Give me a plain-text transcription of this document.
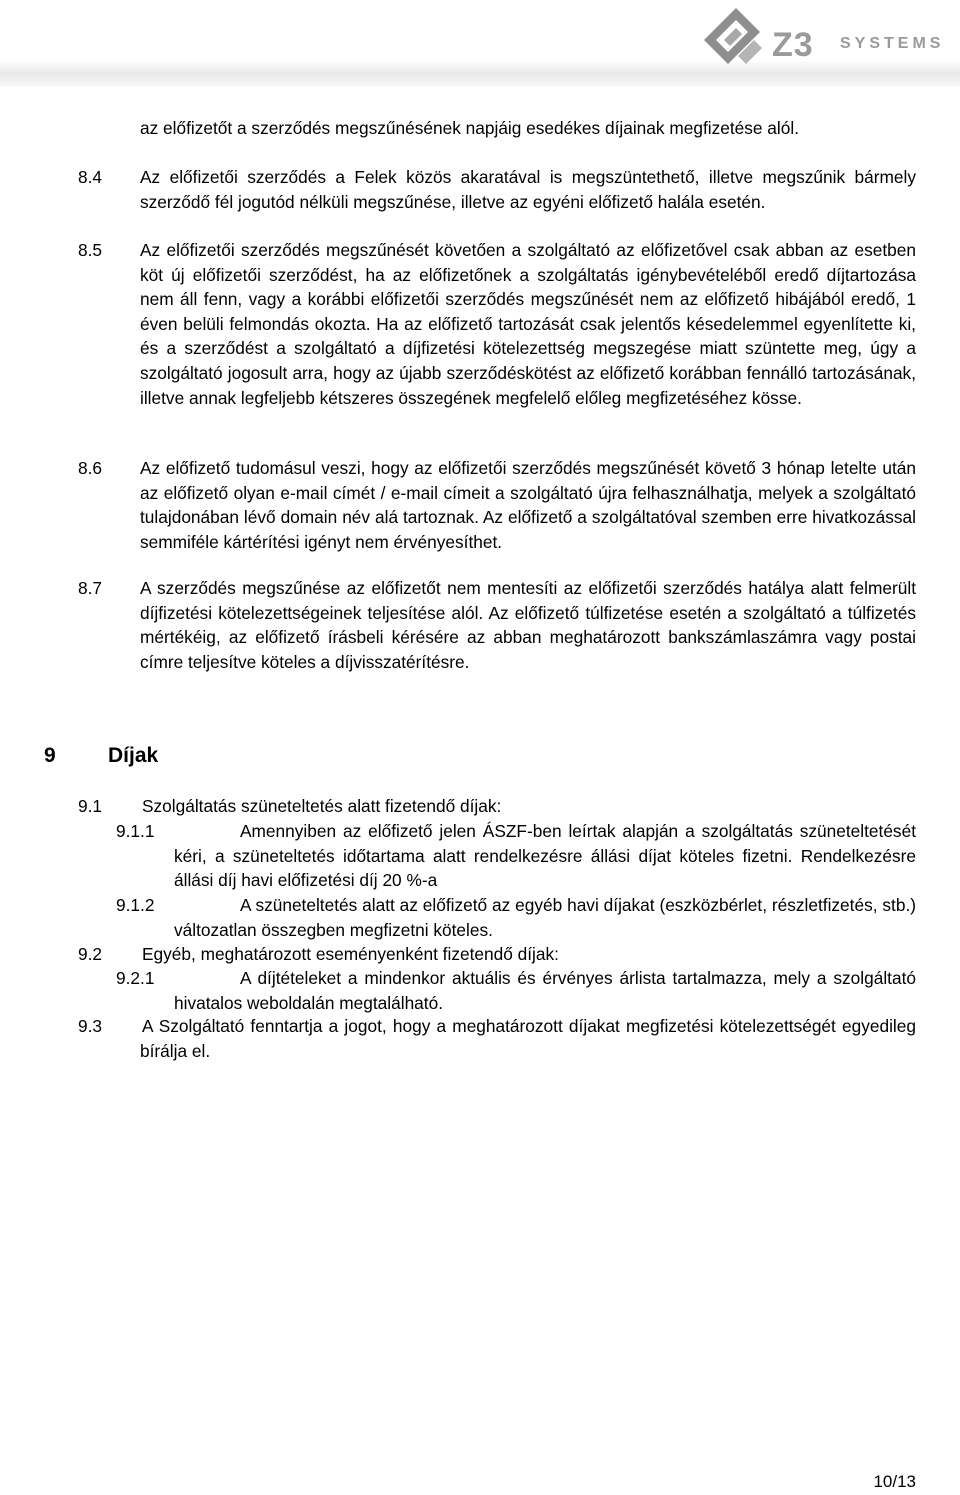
Z3 SYSTEMS

az előfizetőt a szerződés megszűnésének napjáig esedékes díjainak megfizetése alól.

8.4 Az előfizetői szerződés a Felek közös akaratával is megszüntethető, illetve megszűnik bármely szerződő fél jogutód nélküli megszűnése, illetve az egyéni előfizető halála esetén.

8.5 Az előfizetői szerződés megszűnését követően a szolgáltató az előfizetővel csak abban az esetben köt új előfizetői szerződést, ha az előfizetőnek a szolgáltatás igénybevételéből eredő díjtartozása nem áll fenn, vagy a korábbi előfizetői szerződés megszűnését nem az előfizető hibájából eredő, 1 éven belüli felmondás okozta. Ha az előfizető tartozását csak jelentős késedelemmel egyenlítette ki, és a szerződést a szolgáltató a díjfizetési kötelezettség megszegése miatt szüntette meg, úgy a szolgáltató jogosult arra, hogy az újabb szerződéskötést az előfizető korábban fennálló tartozásának, illetve annak legfeljebb kétszeres összegének megfelelő előleg megfizetéséhez kösse.

8.6 Az előfizető tudomásul veszi, hogy az előfizetői szerződés megszűnését követő 3 hónap letelte után az előfizető olyan e-mail címét / e-mail címeit a szolgáltató újra felhasználhatja, melyek a szolgáltató tulajdonában lévő domain név alá tartoznak. Az előfizető a szolgáltatóval szemben erre hivatkozással semmiféle kártérítési igényt nem érvényesíthet.

8.7 A szerződés megszűnése az előfizetőt nem mentesíti az előfizetői szerződés hatálya alatt felmerült díjfizetési kötelezettségeinek teljesítése alól. Az előfizető túlfizetése esetén a szolgáltató a túlfizetés mértékéig, az előfizető írásbeli kérésére az abban meghatározott bankszámlaszámra vagy postai címre teljesítve köteles a díjvisszatérítésre.

9 Díjak

9.1 Szolgáltatás szüneteltetés alatt fizetendő díjak:

9.1.1	Amennyiben az előfizető jelen ÁSZF-ben leírtak alapján a szolgáltatás szüneteltetését kéri, a szüneteltetés időtartama alatt rendelkezésre állási díjat köteles fizetni. Rendelkezésre állási díj havi előfizetési díj 20 %-a

9.1.2	A szüneteltetés alatt az előfizető az egyéb havi díjakat (eszközbérlet, részletfizetés, stb.) változatlan összegben megfizetni köteles.

9.2 Egyéb, meghatározott eseményenként fizetendő díjak:

9.2.1	A díjtételeket a mindenkor aktuális és érvényes árlista tartalmazza, mely a szolgáltató hivatalos weboldalán megtalálható.

9.3 A Szolgáltató fenntartja a jogot, hogy a meghatározott díjakat megfizetési kötelezettségét egyedileg bírálja el.

10/13
